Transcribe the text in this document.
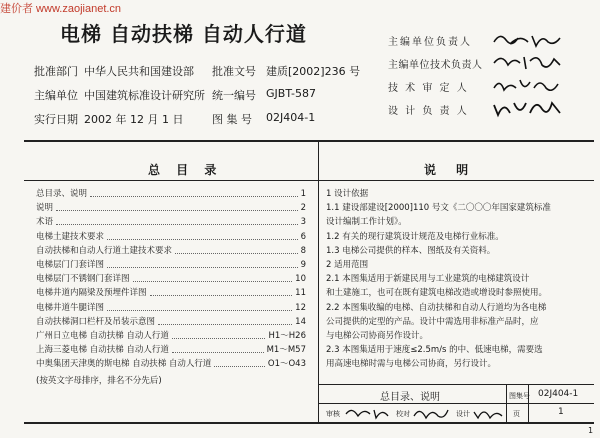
建价者 www.zaojianet.cn
电梯 自动扶梯 自动人行道
批准部门 中华人民共和国建设部 批准文号 建质[2002]236 号
主编单位 中国建筑标准设计研究所 统一编号 GJBT-587
实行日期 2002 年 12 月 1 日	图 集 号 02J404-1
主编单位负责人
主编单位技术负责人
技 术 审 定 人
设 计 负 责 人
总 目 录
总目录、说明	1
说明	2
术语	3
电梯土建技术要求	6
自动扶梯和自动人行道土建技术要求	8
电梯层门门套详图	9
电梯层门不锈钢门套详图	10
电梯井道内隔梁及预埋件详图	11
电梯井道牛腿详图	12
自动扶梯洞口栏杆及吊装示意图	14
广州日立电梯 自动扶梯 自动人行道	H1～H26
上海三菱电梯 自动扶梯 自动人行道	M1～M57
中奥集团天津奥的斯电梯 自动扶梯 自动人行道	O1～O43
(按英文字母排序，排名不分先后)
说 明
1 设计依据
1.1 建设部建设[2000]110 号文《二〇〇〇年国家建筑标准
设计编制工作计划》。
1.2 有关的现行建筑设计规范及电梯行业标准。
1.3 电梯公司提供的样本、图纸及有关资料。
2 适用范围
2.1 本图集适用于新建民用与工业建筑的电梯建筑设计
和土建施工，也可在既有建筑电梯改造或增设时参照使用。
2.2 本图集收编的电梯、自动扶梯和自动人行道均为各电梯
公司提供的定型的产品。设计中需选用非标准产品时，应
与电梯公司协商另作设计。
2.3 本图集适用于速度≤2.5m/s 的中、低速电梯，需要选
用高速电梯时需与电梯公司协商，另行设计。
总目录、说明	图集号 02J404-1
审核	校对	设计	页	1
1
